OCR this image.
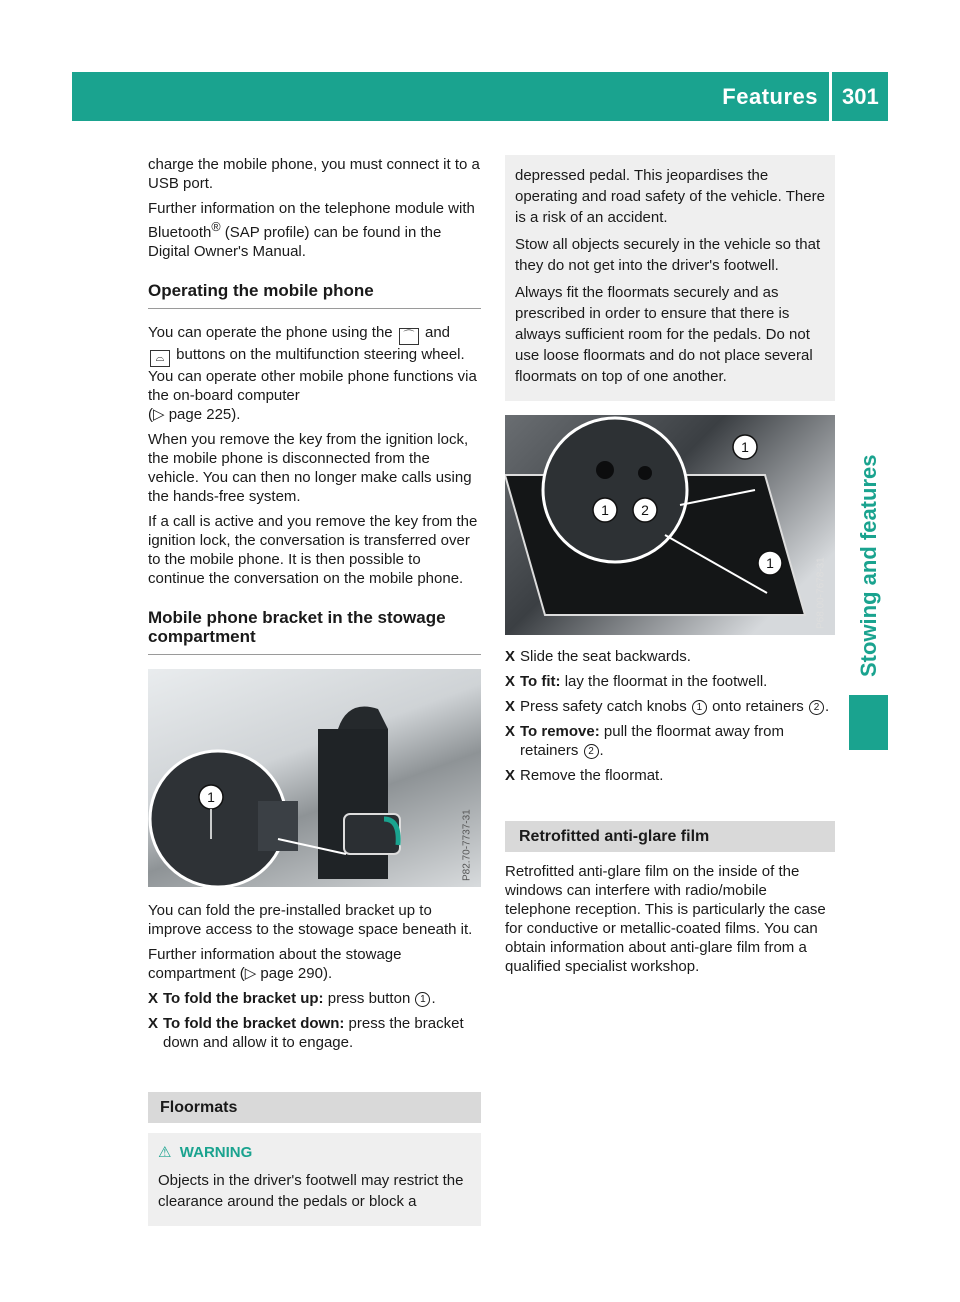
Features 301
Stowing and features

charge the mobile phone, you must connect it to a USB port.

Further information on the telephone module with Bluetooth® (SAP profile) can be found in the Digital Owner's Manual.

Operating the mobile phone

You can operate the phone using the ⌒ and
⌓ buttons on the multifunction steering wheel. You can operate other mobile phone functions via the on-board computer
(▷ page 225).

When you remove the key from the ignition lock, the mobile phone is disconnected from the vehicle. You can then no longer make calls using the hands-free system.

If a call is active and you remove the key from the ignition lock, the conversation is transferred over to the mobile phone. It is then possible to continue the conversation on the mobile phone.

Mobile phone bracket in the stowage compartment
1
P82.70-7737-31

You can fold the pre-installed bracket up to improve access to the stowage space beneath it.

Further information about the stowage compartment (▷ page 290).

X To fold the bracket up: press button 1 .
X To fold the bracket down: press the bracket down and allow it to engage.
Floormats
⚠ WARNING

Objects in the driver's footwell may restrict the clearance around the pedals or block a

depressed pedal. This jeopardises the operating and road safety of the vehicle. There is a risk of an accident.

Stow all objects securely in the vehicle so that they do not get into the driver's footwell.

Always fit the floormats securely and as prescribed in order to ensure that there is always sufficient room for the pedals. Do not use loose floormats and do not place several floormats on top of one another.

1 2
1
1	P68.00-7678-31
X Slide the seat backwards.
X To fit: lay the floormat in the footwell.
X Press safety catch knobs 1 onto retainers 2 .
X To remove: pull the floormat away from retainers 2 .
X Remove the floormat.
Retrofitted anti-glare film

Retrofitted anti-glare film on the inside of the windows can interfere with radio/mobile telephone reception. This is particularly the case for conductive or metallic-coated films. You can obtain information about anti-glare film from a qualified specialist workshop.
